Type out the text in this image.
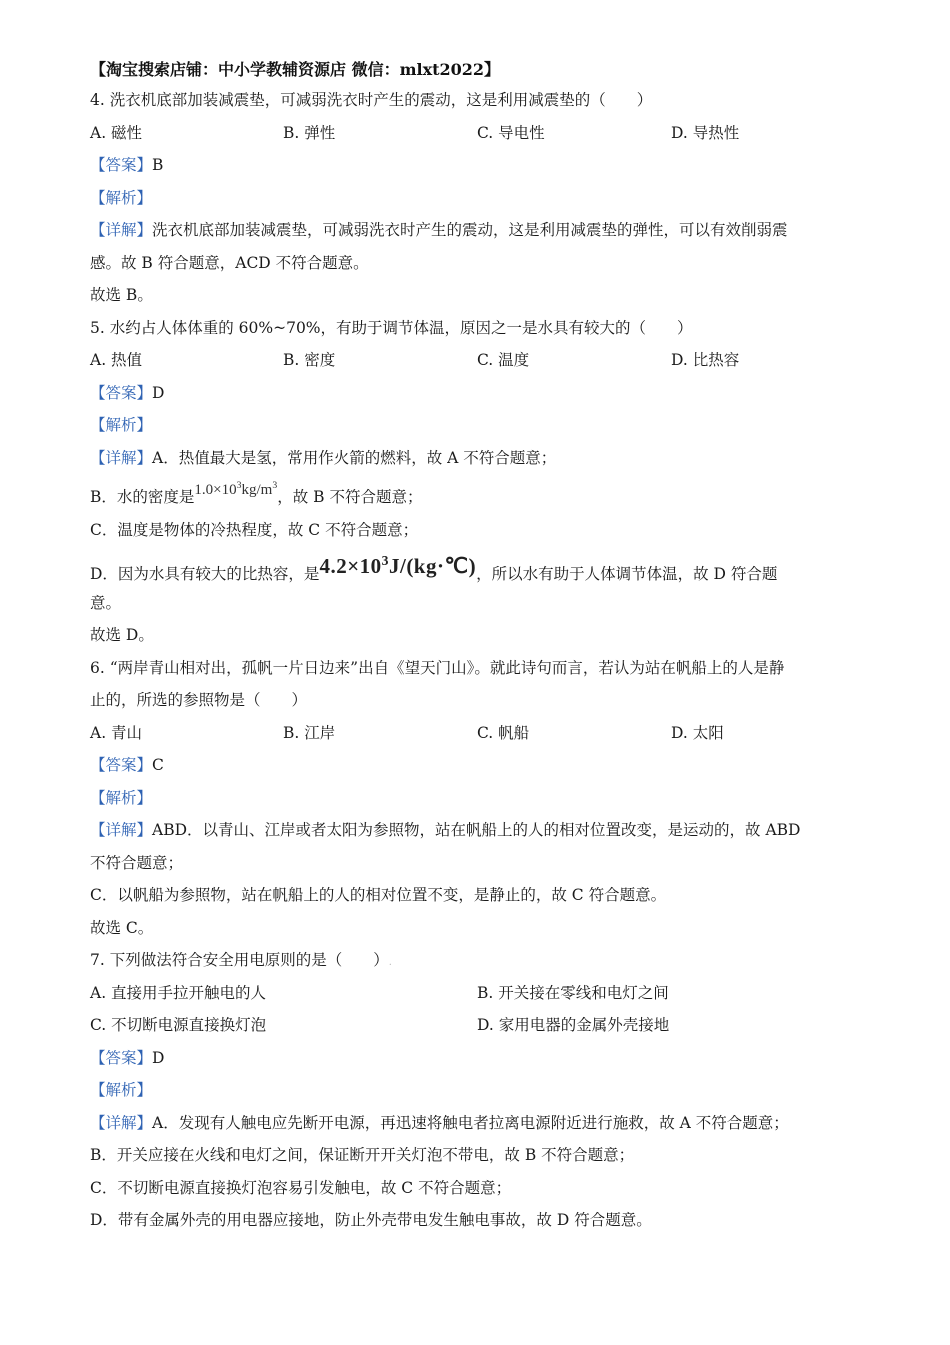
【淘宝搜索店铺：中小学教辅资源店 微信：mlxt2022】
4. 洗衣机底部加装减震垫，可减弱洗衣时产生的震动，这是利用减震垫的（　　）
A. 磁性	B. 弹性	C. 导电性	D. 导热性
【答案】B
【解析】
【详解】洗衣机底部加装减震垫，可减弱洗衣时产生的震动，这是利用减震垫的弹性，可以有效削弱震
感。故 B 符合题意，ACD 不符合题意。
故选 B。
5. 水约占人体体重的 60%~70%，有助于调节体温，原因之一是水具有较大的（　　）
A. 热值	B. 密度	C. 温度	D. 比热容
【答案】D
【解析】
【详解】A．热值最大是氢，常用作火箭的燃料，故 A 不符合题意；
B．水的密度是$1.0\times 10^3kg/m^3$，故 B 不符合题意；
C．温度是物体的冷热程度，故 C 不符合题意；
D．因为水具有较大的比热容，是$4.2\times 10^3J/(kg\cdot℃)$，所以水有助于人体调节体温，故 D 符合题
意。
故选 D。
6. “两岸青山相对出，孤帆一片日边来”出自《望天门山》。就此诗句而言，若认为站在帆船上的人是静
止的，所选的参照物是（　　）
A. 青山	B. 江岸	C. 帆船	D. 太阳
【答案】C
【解析】
【详解】ABD．以青山、江岸或者太阳为参照物，站在帆船上的人的相对位置改变，是运动的，故 ABD
不符合题意；
C．以帆船为参照物，站在帆船上的人的相对位置不变，是静止的，故 C 符合题意。
故选 C。
7. 下列做法符合安全用电原则的是（　　）.
A. 直接用手拉开触电的人	B. 开关接在零线和电灯之间
C. 不切断电源直接换灯泡	D. 家用电器的金属外壳接地
【答案】D
【解析】
【详解】A．发现有人触电应先断开电源，再迅速将触电者拉离电源附近进行施救，故 A 不符合题意；
B．开关应接在火线和电灯之间，保证断开开关灯泡不带电，故 B 不符合题意；
C．不切断电源直接换灯泡容易引发触电，故 C 不符合题意；
D．带有金属外壳的用电器应接地，防止外壳带电发生触电事故，故 D 符合题意。
